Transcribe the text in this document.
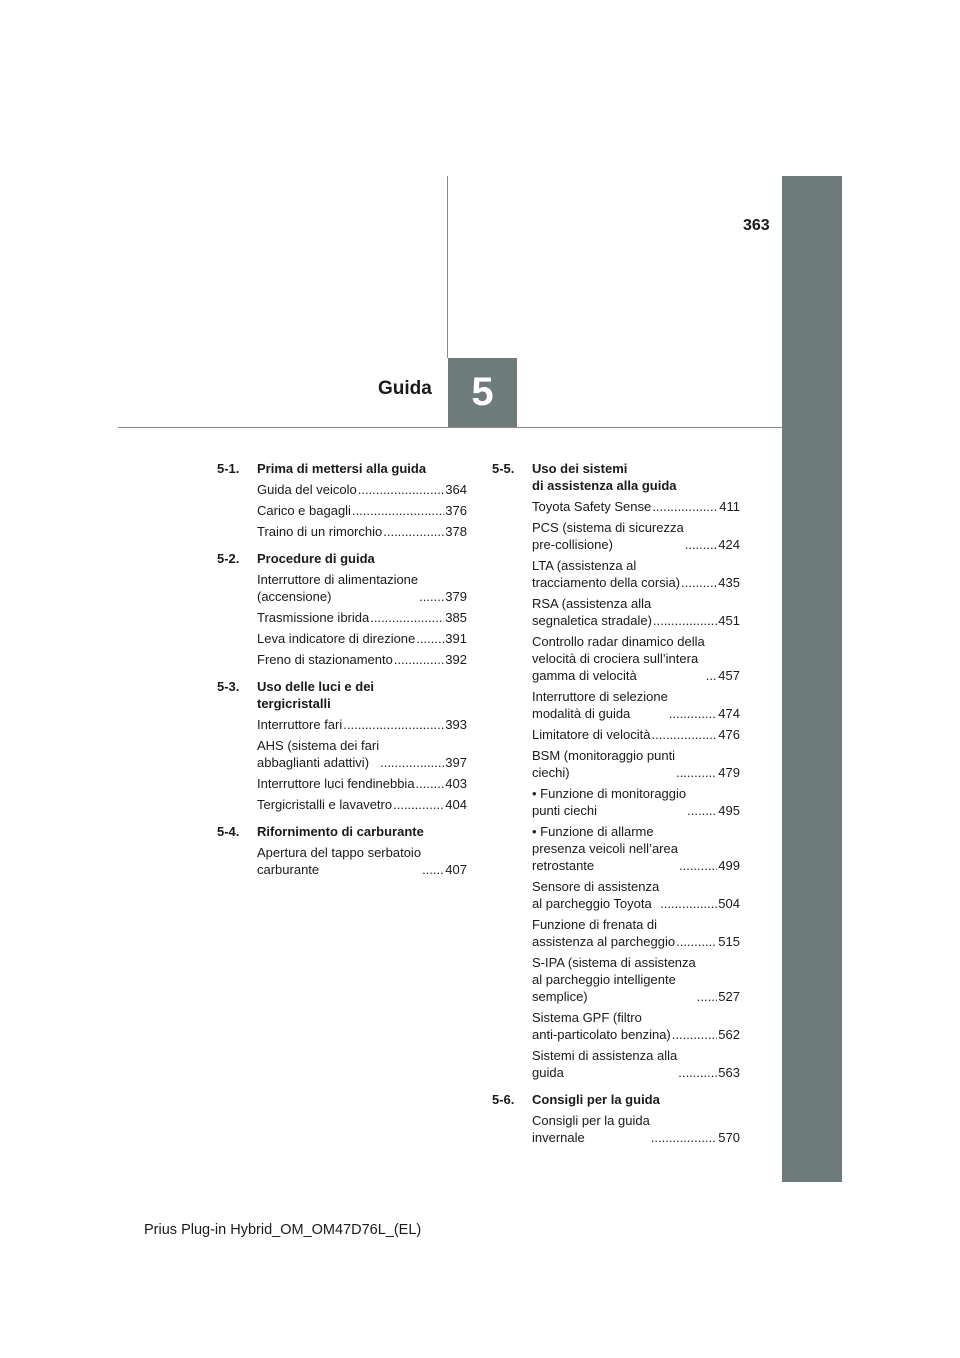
5
Guida
363
5-1.	Prima di mettersi alla guida
Guida del veicolo .....	364
Carico e bagagli .....	376
Traino di un rimorchio .....	378
5-2.	Procedure di guida
Interruttore di alimentazione
(accensione) .....	379
Trasmissione ibrida .....	385
Leva indicatore di direzione ..... 391
Freno di stazionamento .....	392
5-3.	Uso delle luci e dei
tergicristalli
Interruttore fari .....	393
AHS (sistema dei fari
abbaglianti adattivi) .....	397
Interruttore luci fendinebbia ..... 403
Tergicristalli e lavavetro .....	404
5-4.	Rifornimento di carburante
Apertura del tappo serbatoio
carburante .....	407
5-5.	Uso dei sistemi
di assistenza alla guida
Toyota Safety Sense .....	411
PCS (sistema di sicurezza
pre-collisione) .....	424
LTA (assistenza al
tracciamento della corsia) .....	435
RSA (assistenza alla
segnaletica stradale) .....	451
Controllo radar dinamico della
velocità di crociera sull’intera
gamma di velocità .....	457
Interruttore di selezione
modalità di guida .....	474
Limitatore di velocità .....	476
BSM (monitoraggio punti
ciechi) .....	479
• Funzione di monitoraggio
punti ciechi .....	495
• Funzione di allarme
presenza veicoli nell’area
retrostante .....	499
Sensore di assistenza
al parcheggio Toyota .....	504
Funzione di frenata di
assistenza al parcheggio .....	515
S-IPA (sistema di assistenza
al parcheggio intelligente
semplice) .....	527
Sistema GPF (filtro
anti-particolato benzina) .....	562
Sistemi di assistenza alla
guida .....	563
5-6.	Consigli per la guida
Consigli per la guida
invernale .....	570
Prius Plug-in Hybrid_OM_OM47D76L_(EL)
